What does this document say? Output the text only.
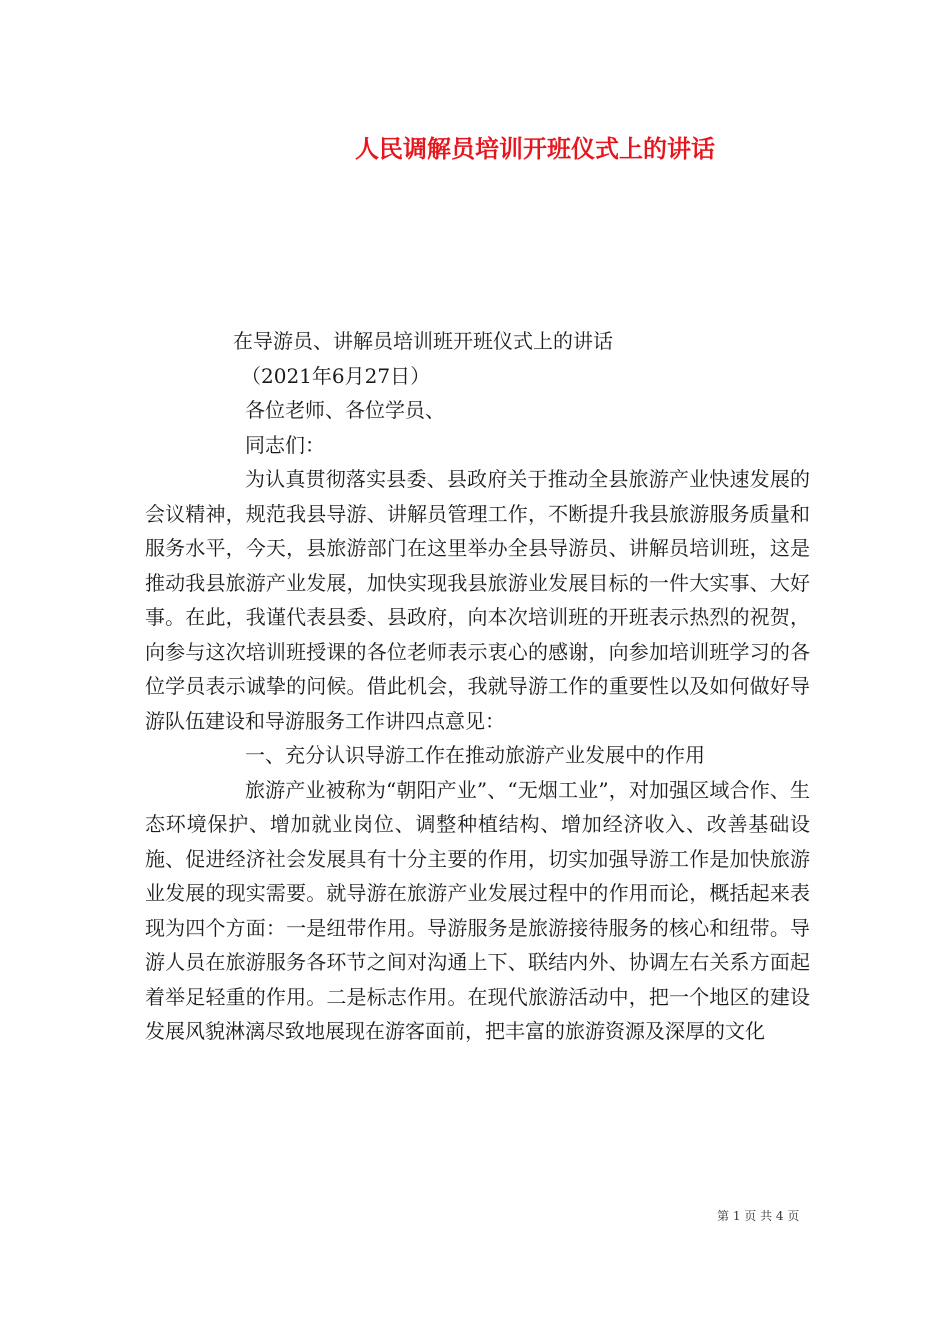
人民调解员培训开班仪式上的讲话
在导游员、讲解员培训班开班仪式上的讲话
（2021年6月27日）
各位老师、各位学员、
同志们：

为认真贯彻落实县委、县政府关于推动全县旅游产业快速发展的会议精神，规范我县导游、讲解员管理工作，不断提升我县旅游服务质量和服务水平，今天，县旅游部门在这里举办全县导游员、讲解员培训班，这是推动我县旅游产业发展，加快实现我县旅游业发展目标的一件大实事、大好事。在此，我谨代表县委、县政府，向本次培训班的开班表示热烈的祝贺，向参与这次培训班授课的各位老师表示衷心的感谢，向参加培训班学习的各位学员表示诚挚的问候。借此机会，我就导游工作的重要性以及如何做好导游队伍建设和导游服务工作讲四点意见：

一、充分认识导游工作在推动旅游产业发展中的作用

旅游产业被称为“朝阳产业”、“无烟工业”，对加强区域合作、生态环境保护、增加就业岗位、调整种植结构、增加经济收入、改善基础设施、促进经济社会发展具有十分主要的作用，切实加强导游工作是加快旅游业发展的现实需要。就导游在旅游产业发展过程中的作用而论，概括起来表现为四个方面：一是纽带作用。导游服务是旅游接待服务的核心和纽带。导游人员在旅游服务各环节之间对沟通上下、联结内外、协调左右关系方面起着举足轻重的作用。二是标志作用。在现代旅游活动中，把一个地区的建设发展风貌淋漓尽致地展现在游客面前，把丰富的旅游资源及深厚的文化

第 1 页 共 4 页
